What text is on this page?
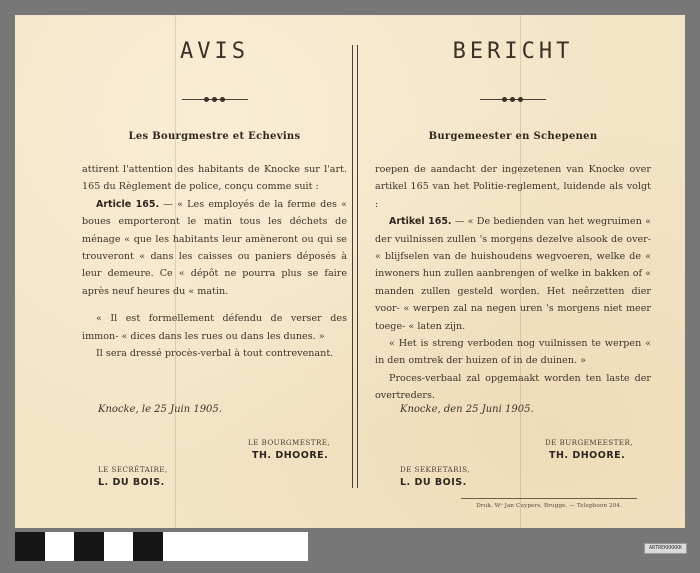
AVIS
Les Bourgmestre et Echevins

attirent l'attention des habitants de Knocke sur l'art. 165 du Règlement de police, conçu comme suit :

Article 165. — « Les employés de la ferme des « boues emporteront le matin tous les déchets de ménage « que les habitants leur amèneront ou qui se trouveront « dans les caisses ou paniers déposés à leur demeure. Ce « dépôt ne pourra plus se faire après neuf heures du « matin.

« Il est formellement défendu de verser des immon- « dices dans les rues ou dans les dunes. »

Il sera dressé procès-verbal à tout contrevenant.

Knocke, le 25 Juin 1905.
LE BOURGMESTRE,
TH. DHOORE.
LE SECRÉTAIRE,
L. DU BOIS.
BERICHT
Burgemeester en Schepenen

roepen de aandacht der ingezetenen van Knocke over artikel 165 van het Politie-reglement, luidende als volgt :

Artikel 165. — « De bedienden van het wegruimen « der vuilnissen zullen 's morgens dezelve alsook de over- « blijfselen van de huishoudens wegvoeren, welke de « inwoners hun zullen aanbrengen of welke in bakken of « manden zullen gesteld worden. Het neêrzetten dier voor- « werpen zal na negen uren 's morgens niet meer toege- « laten zijn.

« Het is streng verboden nog vuilnissen te werpen « in den omtrek der huizen of in de duinen. »

Proces-verbaal zal opgemaakt worden ten laste der overtreders.

Knocke, den 25 Juni 1905.
DE BURGEMEESTER,
TH. DHOORE.
DE SEKRETARIS,
L. DU BOIS.
Druk. Wᵉ Jan Cuypers, Brugge. — Telephoon 204.
ARTREKKKKKK
